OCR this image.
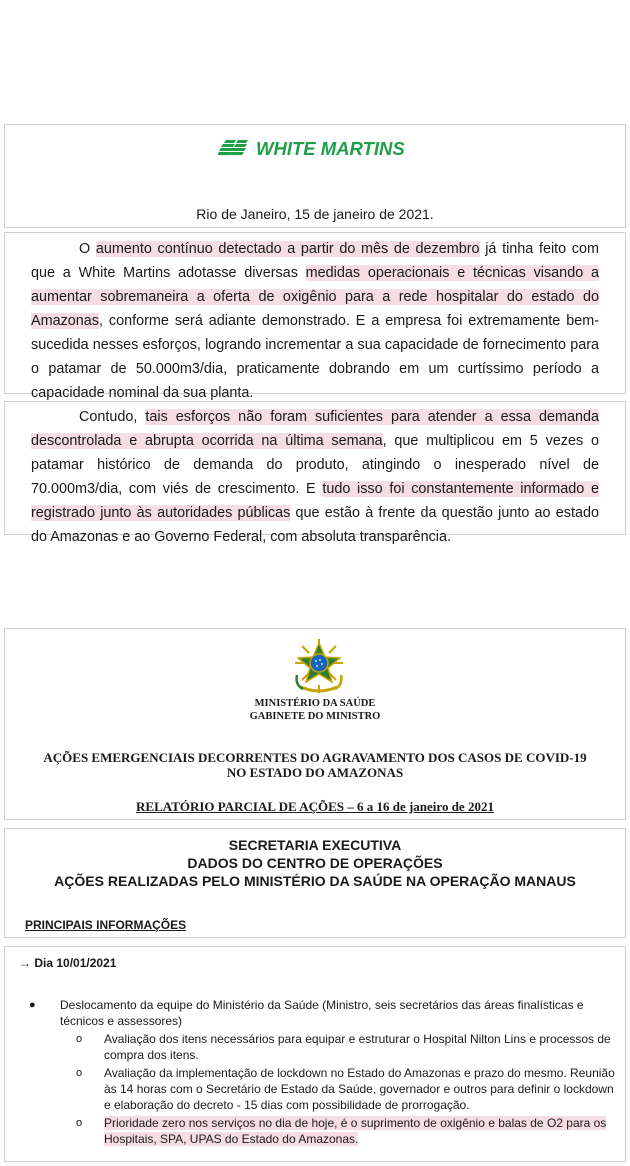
WHITE MARTINS
Rio de Janeiro, 15 de janeiro de 2021.

O aumento contínuo detectado a partir do mês de dezembro já tinha feito com que a White Martins adotasse diversas medidas operacionais e técnicas visando a aumentar sobremaneira a oferta de oxigênio para a rede hospitalar do estado do Amazonas, conforme será adiante demonstrado. E a empresa foi extremamente bem-sucedida nesses esforços, logrando incrementar a sua capacidade de fornecimento para o patamar de 50.000m3/dia, praticamente dobrando em um curtíssimo período a capacidade nominal da sua planta.

Contudo, tais esforços não foram suficientes para atender a essa demanda descontrolada e abrupta ocorrida na última semana, que multiplicou em 5 vezes o patamar histórico de demanda do produto, atingindo o inesperado nível de 70.000m3/dia, com viés de crescimento. E tudo isso foi constantemente informado e registrado junto às autoridades públicas que estão à frente da questão junto ao estado do Amazonas e ao Governo Federal, com absoluta transparência.

MINISTÉRIO DA SAÚDE
GABINETE DO MINISTRO
AÇÕES EMERGENCIAIS DECORRENTES DO AGRAVAMENTO DOS CASOS DE COVID-19 NO ESTADO DO AMAZONAS
RELATÓRIO PARCIAL DE AÇÕES – 6 a 16 de janeiro de 2021
SECRETARIA EXECUTIVA
DADOS DO CENTRO DE OPERAÇÕES
AÇÕES REALIZADAS PELO MINISTÉRIO DA SAÚDE NA OPERAÇÃO MANAUS
PRINCIPAIS INFORMAÇÕES
→ Dia 10/01/2021
●	Deslocamento da equipe do Ministério da Saúde (Ministro, seis secretários das áreas finalísticas e técnicos e assessores)
o Avaliação dos itens necessários para equipar e estruturar o Hospital Nilton Lins e processos de compra dos itens.
o Avaliação da implementação de lockdown no Estado do Amazonas e prazo do mesmo. Reunião às 14 horas com o Secretário de Estado da Saúde, governador e outros para definir o lockdown e elaboração do decreto - 15 dias com possibilidade de prorrogação.
o Prioridade zero nos serviços no dia de hoje, é o suprimento de oxigênio e balas de O2 para os Hospitais, SPA, UPAS do Estado do Amazonas.
